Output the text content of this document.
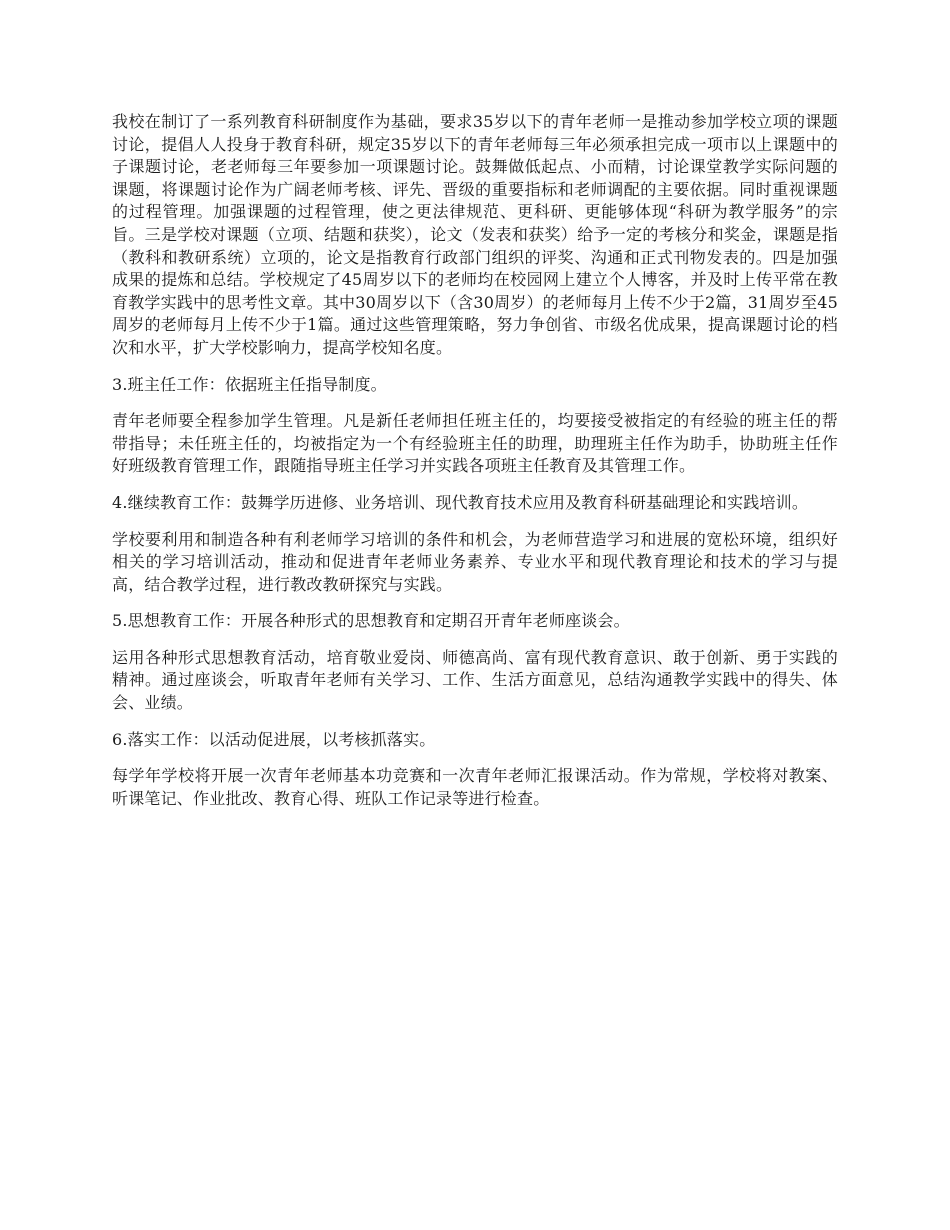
我校在制订了一系列教育科研制度作为基础，要求35岁以下的青年老师一是推动参加学校立项的课题讨论，提倡人人投身于教育科研，规定35岁以下的青年老师每三年必须承担完成一项市以上课题中的子课题讨论，老老师每三年要参加一项课题讨论。鼓舞做低起点、小而精，讨论课堂教学实际问题的课题，将课题讨论作为广阔老师考核、评先、晋级的重要指标和老师调配的主要依据。同时重视课题的过程管理。加强课题的过程管理，使之更法律规范、更科研、更能够体现“科研为教学服务”的宗旨。三是学校对课题（立项、结题和获奖），论文（发表和获奖）给予一定的考核分和奖金，课题是指（教科和教研系统）立项的，论文是指教育行政部门组织的评奖、沟通和正式刊物发表的。四是加强成果的提炼和总结。学校规定了45周岁以下的老师均在校园网上建立个人博客，并及时上传平常在教育教学实践中的思考性文章。其中30周岁以下（含30周岁）的老师每月上传不少于2篇，31周岁至45周岁的老师每月上传不少于1篇。通过这些管理策略，努力争创省、市级名优成果，提高课题讨论的档次和水平，扩大学校影响力，提高学校知名度。

3.班主任工作：依据班主任指导制度。

青年老师要全程参加学生管理。凡是新任老师担任班主任的，均要接受被指定的有经验的班主任的帮带指导；未任班主任的，均被指定为一个有经验班主任的助理，助理班主任作为助手，协助班主任作好班级教育管理工作，跟随指导班主任学习并实践各项班主任教育及其管理工作。

4.继续教育工作：鼓舞学历进修、业务培训、现代教育技术应用及教育科研基础理论和实践培训。

学校要利用和制造各种有利老师学习培训的条件和机会，为老师营造学习和进展的宽松环境，组织好相关的学习培训活动，推动和促进青年老师业务素养、专业水平和现代教育理论和技术的学习与提高，结合教学过程，进行教改教研探究与实践。

5.思想教育工作：开展各种形式的思想教育和定期召开青年老师座谈会。

运用各种形式思想教育活动，培育敬业爱岗、师德高尚、富有现代教育意识、敢于创新、勇于实践的精神。通过座谈会，听取青年老师有关学习、工作、生活方面意见，总结沟通教学实践中的得失、体会、业绩。

6.落实工作：以活动促进展，以考核抓落实。

每学年学校将开展一次青年老师基本功竞赛和一次青年老师汇报课活动。作为常规，学校将对教案、听课笔记、作业批改、教育心得、班队工作记录等进行检查。
